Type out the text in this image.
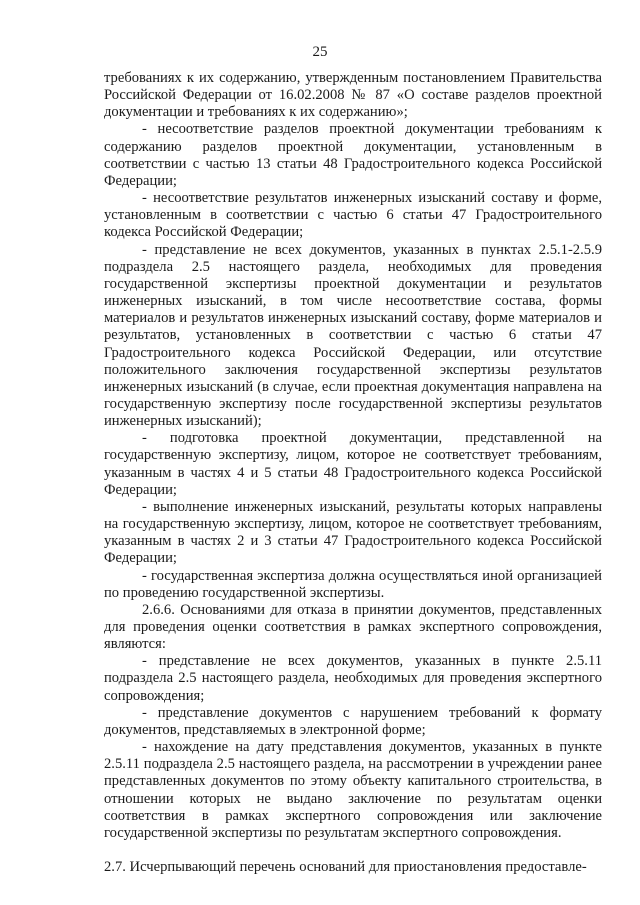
25

требованиях к их содержанию, утвержденным постановлением Правительства Российской Федерации от 16.02.2008 № 87 «О составе разделов проектной документации и требованиях к их содержанию»;

- несоответствие разделов проектной документации требованиям к содержанию разделов проектной документации, установленным в соответствии с частью 13 статьи 48 Градостроительного кодекса Российской Федерации;

- несоответствие результатов инженерных изысканий составу и форме, установленным в соответствии с частью 6 статьи 47 Градостроительного кодекса Российской Федерации;

- представление не всех документов, указанных в пунктах 2.5.1-2.5.9 подраздела 2.5 настоящего раздела, необходимых для проведения государственной экспертизы проектной документации и результатов инженерных изысканий, в том числе несоответствие состава, формы материалов и результатов инженерных изысканий составу, форме материалов и результатов, установленных в соответствии с частью 6 статьи 47 Градостроительного кодекса Российской Федерации, или отсутствие положительного заключения государственной экспертизы результатов инженерных изысканий (в случае, если проектная документация направлена на государственную экспертизу после государственной экспертизы результатов инженерных изысканий);

- подготовка проектной документации, представленной на государственную экспертизу, лицом, которое не соответствует требованиям, указанным в частях 4 и 5 статьи 48 Градостроительного кодекса Российской Федерации;

- выполнение инженерных изысканий, результаты которых направлены на государственную экспертизу, лицом, которое не соответствует требованиям, указанным в частях 2 и 3 статьи 47 Градостроительного кодекса Российской Федерации;

- государственная экспертиза должна осуществляться иной организацией по проведению государственной экспертизы.

2.6.6. Основаниями для отказа в принятии документов, представленных для проведения оценки соответствия в рамках экспертного сопровождения, являются:

- представление не всех документов, указанных в пункте 2.5.11 подраздела 2.5 настоящего раздела, необходимых для проведения экспертного сопровождения;

- представление документов с нарушением требований к формату документов, представляемых в электронной форме;

- нахождение на дату представления документов, указанных в пункте 2.5.11 подраздела 2.5 настоящего раздела, на рассмотрении в учреждении ранее представленных документов по этому объекту капитального строительства, в отношении которых не выдано заключение по результатам оценки соответствия в рамках экспертного сопровождения или заключение государственной экспертизы по результатам экспертного сопровождения.

2.7. Исчерпывающий перечень оснований для приостановления предоставле-
